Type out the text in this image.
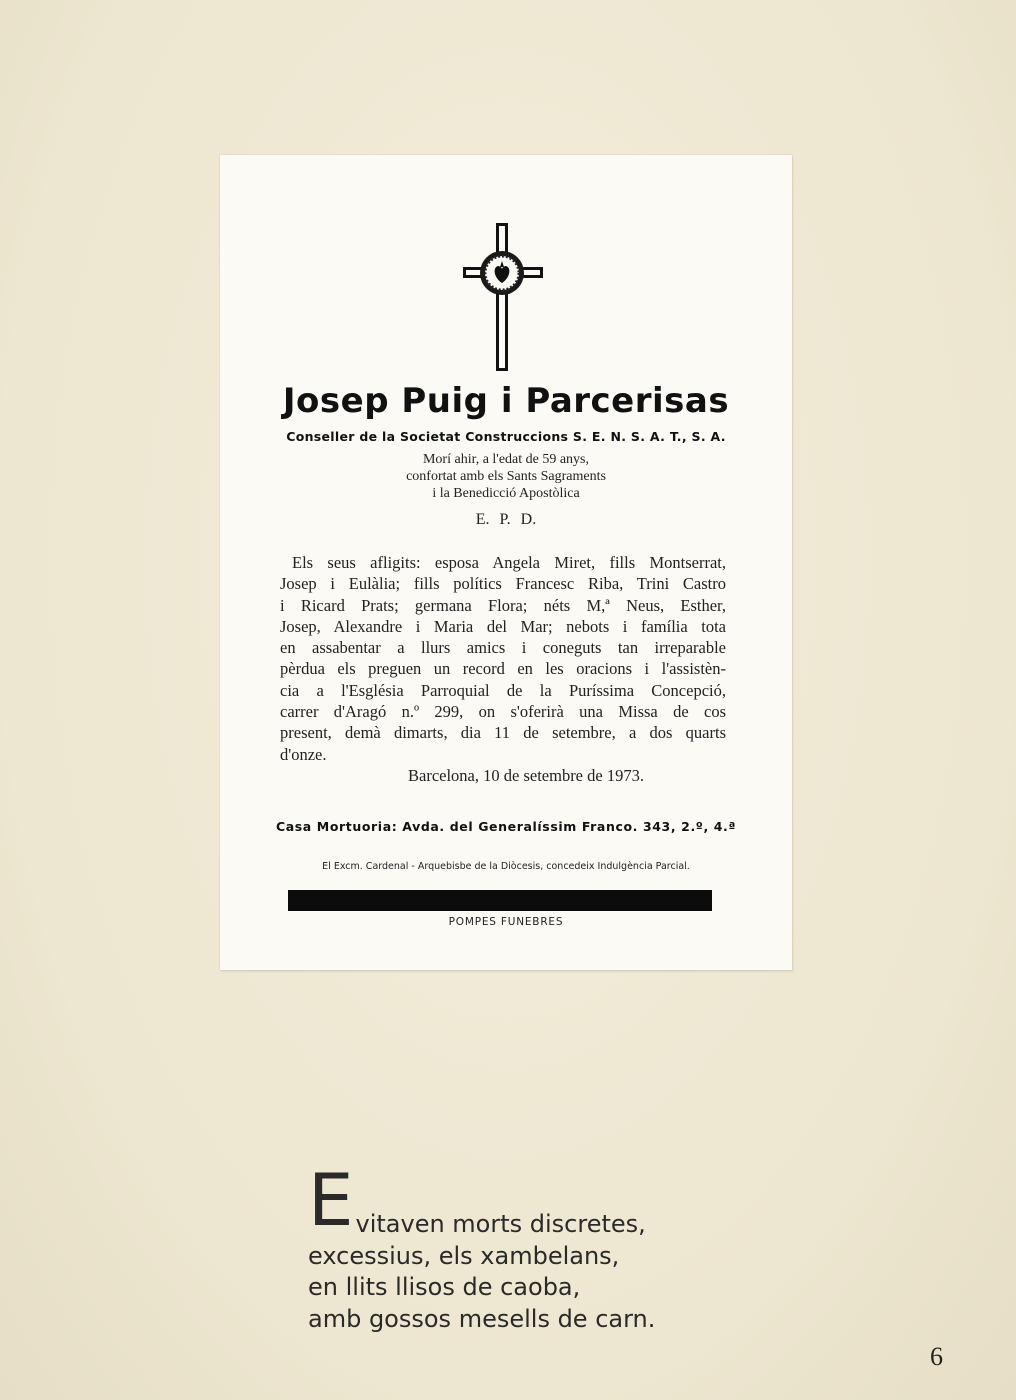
Josep Puig i Parcerisas
Conseller de la Societat Construccions S. E. N. S. A. T., S. A.
Morí ahir, a l'edat de 59 anys,
confortat amb els Sants Sagraments
i la Benedicció Apostòlica
E. P. D.
Els seus afligits: esposa Angela Miret, fills Montserrat,
Josep i Eulàlia; fills polítics Francesc Riba, Trini Castro
i Ricard Prats; germana Flora; néts M,ª Neus, Esther,
Josep, Alexandre i Maria del Mar; nebots i família tota
en assabentar a llurs amics i coneguts tan irreparable
pèrdua els preguen un record en les oracions i l'assistèn-
cia a l'Església Parroquial de la Puríssima Concepció,
carrer d'Aragó n.º 299, on s'oferirà una Missa de cos
present, demà dimarts, dia 11 de setembre, a dos quarts
d'onze.
Barcelona, 10 de setembre de 1973.
Casa Mortuoria: Avda. del Generalíssim Franco. 343, 2.º, 4.ª
El Excm. Cardenal - Arquebisbe de la Diòcesis, concedeix Indulgència Parcial.
POMPES FUNEBRES
E vitaven morts discretes,
excessius, els xambelans,
en llits llisos de caoba,
amb gossos mesells de carn.
6
